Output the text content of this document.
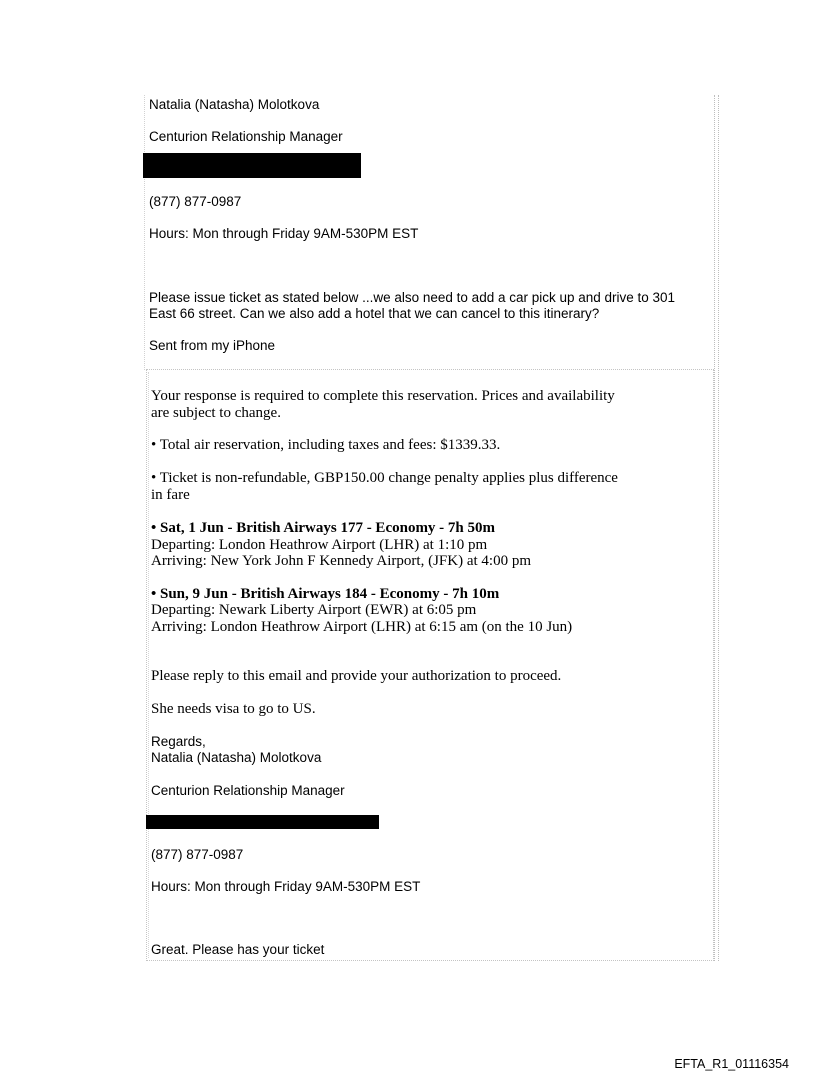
Natalia (Natasha) Molotkova

Centurion Relationship Manager

(877) 877-0987

Hours: Mon through Friday 9AM-530PM EST

Please issue ticket as stated below ...we also need to add a car pick up and drive to 301

East 66 street. Can we also add a hotel that we can cancel to this itinerary?

Sent from my iPhone

Your response is required to complete this reservation. Prices and availability

are subject to change.

• Total air reservation, including taxes and fees: $1339.33.

• Ticket is non-refundable, GBP150.00 change penalty applies plus difference

in fare

• Sat, 1 Jun - British Airways 177 - Economy - 7h 50m

Departing: London Heathrow Airport (LHR) at 1:10 pm

Arriving: New York John F Kennedy Airport, (JFK) at 4:00 pm

• Sun, 9 Jun - British Airways 184 - Economy - 7h 10m

Departing: Newark Liberty Airport (EWR) at 6:05 pm

Arriving: London Heathrow Airport (LHR) at 6:15 am (on the 10 Jun)

Please reply to this email and provide your authorization to proceed.

She needs visa to go to US.

Regards,

Natalia (Natasha) Molotkova

Centurion Relationship Manager

(877) 877-0987

Hours: Mon through Friday 9AM-530PM EST

Great. Please has your ticket

EFTA_R1_01116354
